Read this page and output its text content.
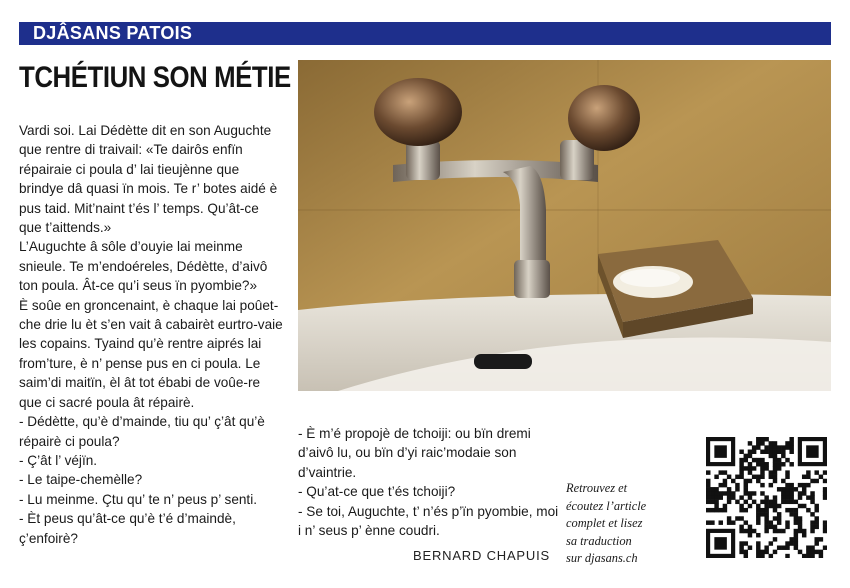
DJÂSANS PATOIS
TCHÉTIUN SON MÉTIE

Vardi soi. Lai Dédètte dit en son Auguchte que rentre di traivail: «Te dairôs enfïn répairaie ci poula d’ lai tieujènne que brindye dâ quasi ïn mois. Te r’ botes aidé è pus taid. Mit’naint t’és l’ temps. Qu’ât-ce que t’aittends.»

L’Auguchte â sôle d’ouyie lai meinme snieule. Te m’endoéreles, Dédètte, d’aivô ton poula. Ât-ce qu’i seus ïn pyombie?»

È soûe en groncenaint, è chaque lai poûet-che drie lu èt s’en vait â cabairèt eurtro-vaie les copains. Tyaind qu’è rentre aiprés lai from’ture, è n’ pense pus en ci poula. Le saim’di maitïn, èl ât tot ébabi de voûe-re que ci sacré poula ât répairè.

- Dédètte, qu’è d’mainde, tiu qu’ ç’ât qu’è répairè ci poula?

- Ç’ât l’ véjïn.

- Le taipe-chemèlle?

- Lu meinme. Çtu qu’ te n’ peus p’ senti.

- Èt peus qu’ât-ce qu’è t’é d’maindè, ç’enfoirè?

- È m’é propojè de tchoiji: ou bïn dremi d’aivô lu, ou bïn d’yi raic’modaie son d’vaintrie.

- Qu’at-ce que t’és tchoiji?

- Se toi, Auguchte, t’ n’és p’ïn pyombie, moi i n’ seus p’ ènne coudri.

BERNARD CHAPUIS

Retrouvez et

écoutez l’article

complet et lisez

sa traduction

sur djasans.ch
